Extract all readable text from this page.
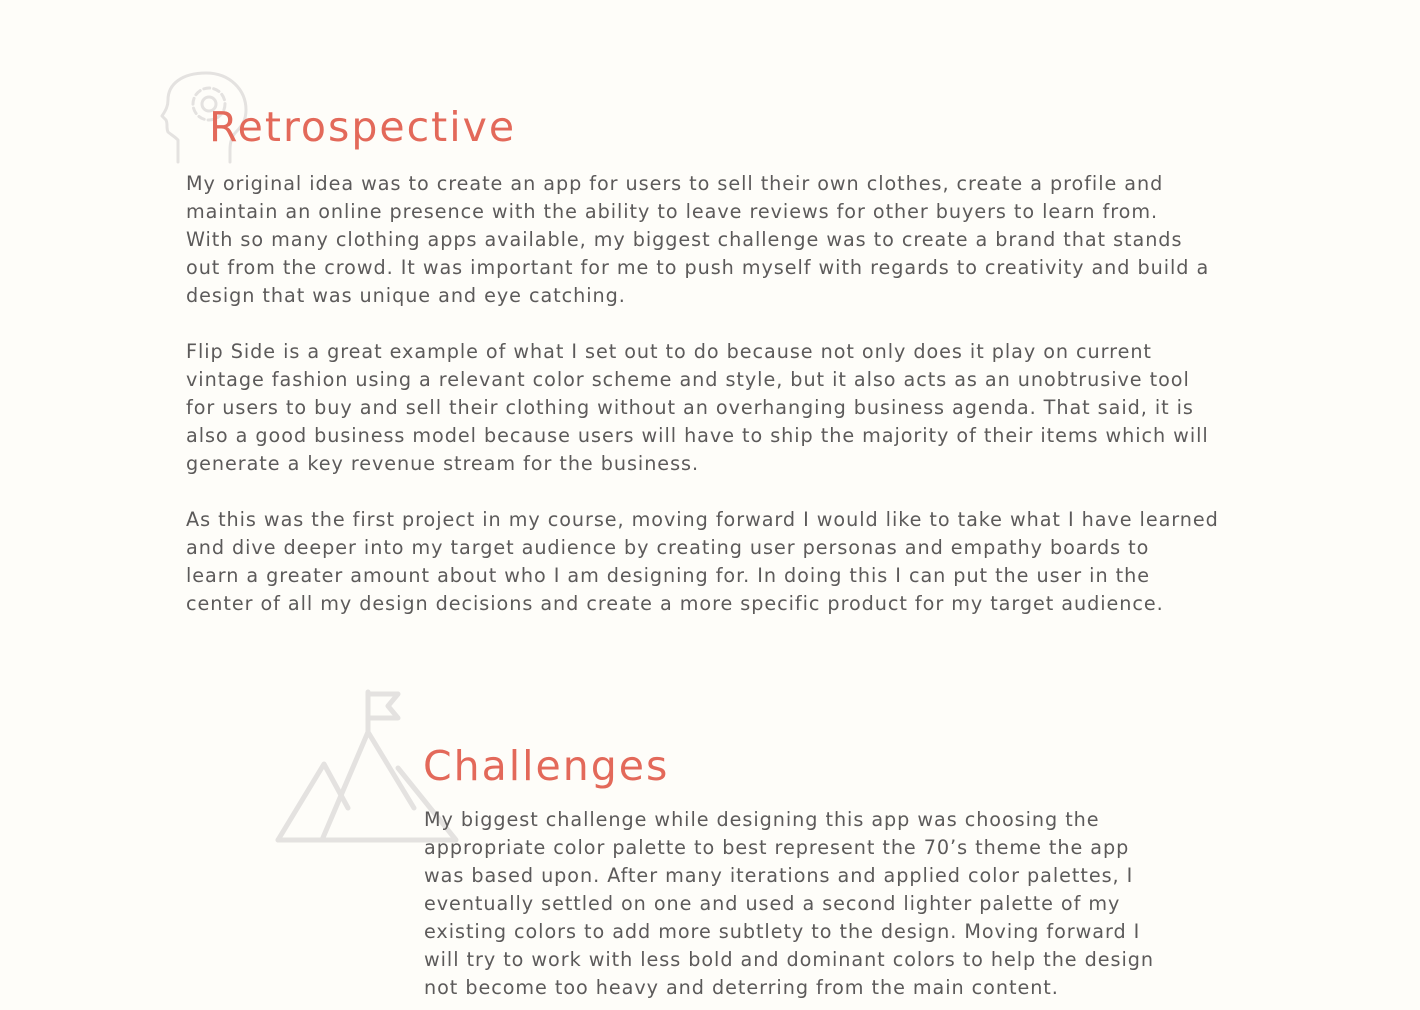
Retrospective

My original idea was to create an app for users to sell their own clothes, create a profile and
maintain an online presence with the ability to leave reviews for other buyers to learn from.
With so many clothing apps available, my biggest challenge was to create a brand that stands
out from the crowd. It was important for me to push myself with regards to creativity and build a
design that was unique and eye catching.

Flip Side is a great example of what I set out to do because not only does it play on current
vintage fashion using a relevant color scheme and style, but it also acts as an unobtrusive tool
for users to buy and sell their clothing without an overhanging business agenda. That said, it is
also a good business model because users will have to ship the majority of their items which will
generate a key revenue stream for the business.

As this was the first project in my course, moving forward I would like to take what I have learned
and dive deeper into my target audience by creating user personas and empathy boards to
learn a greater amount about who I am designing for. In doing this I can put the user in the
center of all my design decisions and create a more specific product for my target audience.

Challenges

My biggest challenge while designing this app was choosing the
appropriate color palette to best represent the 70’s theme the app
was based upon. After many iterations and applied color palettes, I
eventually settled on one and used a second lighter palette of my
existing colors to add more subtlety to the design. Moving forward I
will try to work with less bold and dominant colors to help the design
not become too heavy and deterring from the main content.
